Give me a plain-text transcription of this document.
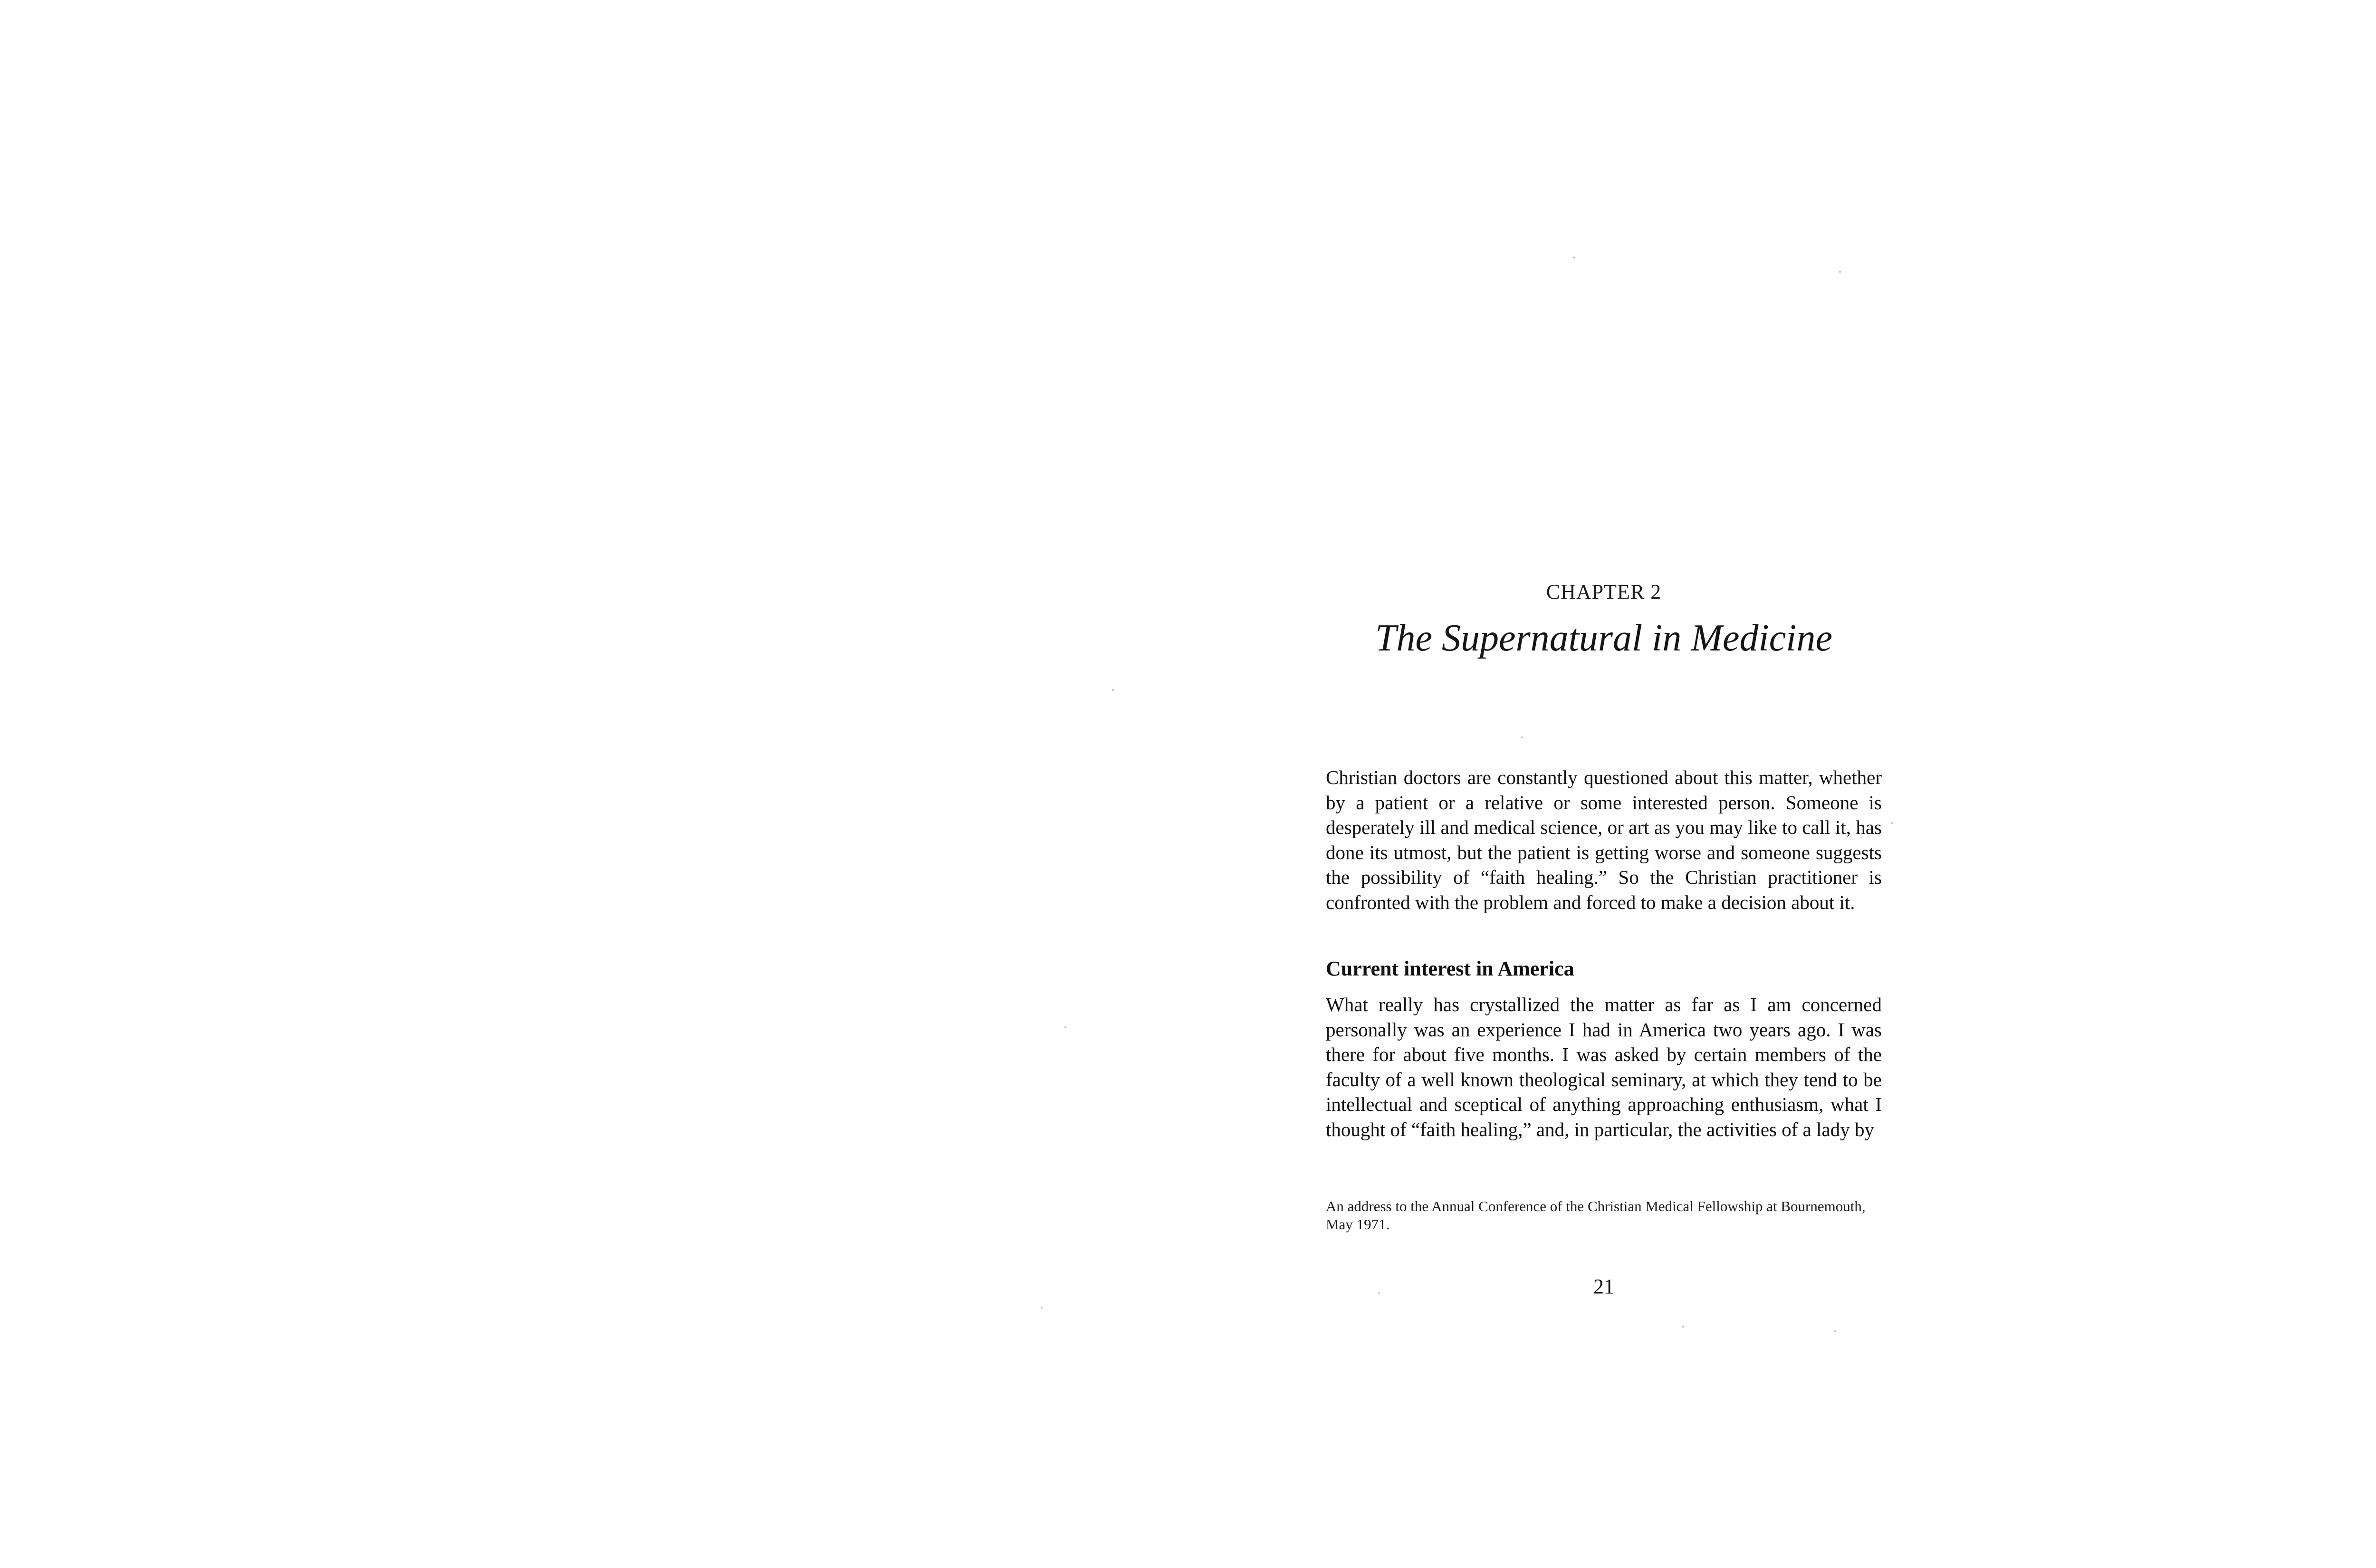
CHAPTER 2
The Supernatural in Medicine

Christian doctors are constantly questioned about this matter, whether by a patient or a relative or some interested person. Someone is desperately ill and medical science, or art as you may like to call it, has done its utmost, but the patient is getting worse and someone suggests the possibility of “faith healing.” So the Christian practitioner is confronted with the problem and forced to make a decision about it.

Current interest in America

What really has crystallized the matter as far as I am concerned personally was an experience I had in America two years ago. I was there for about five months. I was asked by certain members of the faculty of a well known theological seminary, at which they tend to be intellectual and sceptical of anything approaching enthusiasm, what I thought of “faith healing,” and, in particular, the activities of a lady by

An address to the Annual Conference of the Christian Medical Fellowship at Bournemouth, May 1971.

21
